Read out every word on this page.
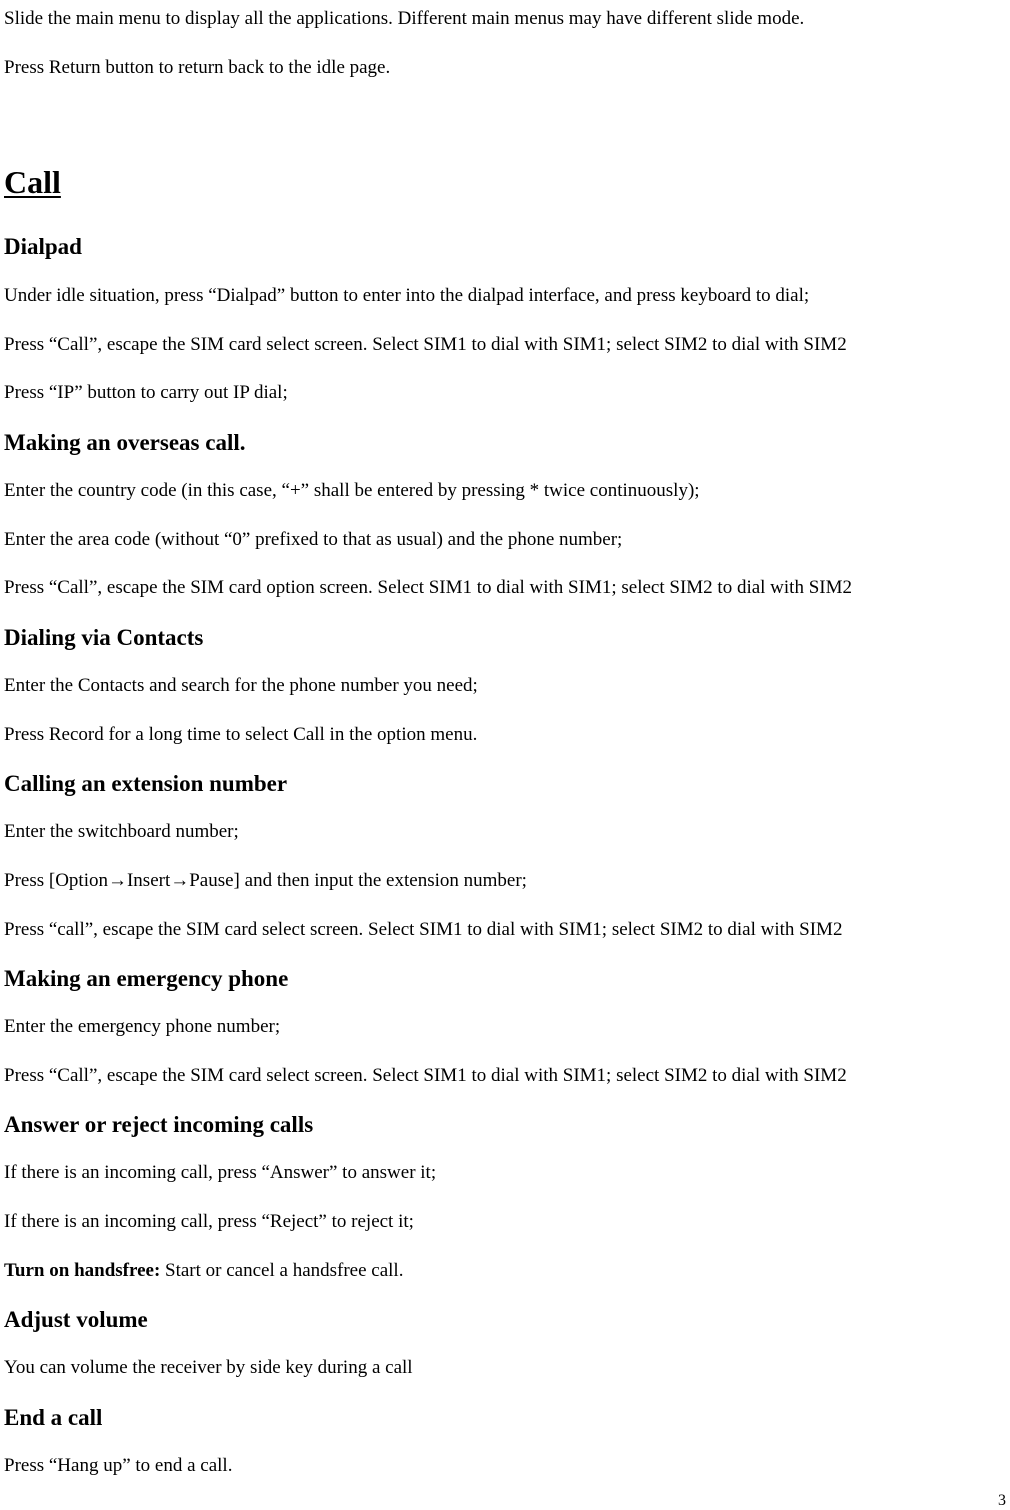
Slide the main menu to display all the applications. Different main menus may have different slide mode.
Press Return button to return back to the idle page.
Call
Dialpad
Under idle situation, press “Dialpad” button to enter into the dialpad interface, and press keyboard to dial;
Press “Call”, escape the SIM card select screen. Select SIM1 to dial with SIM1; select SIM2 to dial with SIM2
Press “IP” button to carry out IP dial;
Making an overseas call.
Enter the country code (in this case, “+” shall be entered by pressing * twice continuously);
Enter the area code (without “0” prefixed to that as usual) and the phone number;
Press “Call”, escape the SIM card option screen. Select SIM1 to dial with SIM1; select SIM2 to dial with SIM2
Dialing via Contacts
Enter the Contacts and search for the phone number you need;
Press Record for a long time to select Call in the option menu.
Calling an extension number
Enter the switchboard number;
Press [Option→Insert→Pause] and then input the extension number;
Press “call”, escape the SIM card select screen. Select SIM1 to dial with SIM1; select SIM2 to dial with SIM2
Making an emergency phone
Enter the emergency phone number;
Press “Call”, escape the SIM card select screen. Select SIM1 to dial with SIM1; select SIM2 to dial with SIM2
Answer or reject incoming calls
If there is an incoming call, press “Answer” to answer it;
If there is an incoming call, press “Reject” to reject it;
Turn on handsfree: Start or cancel a handsfree call.
Adjust volume
You can volume the receiver by side key during a call
End a call
Press “Hang up” to end a call.
3
